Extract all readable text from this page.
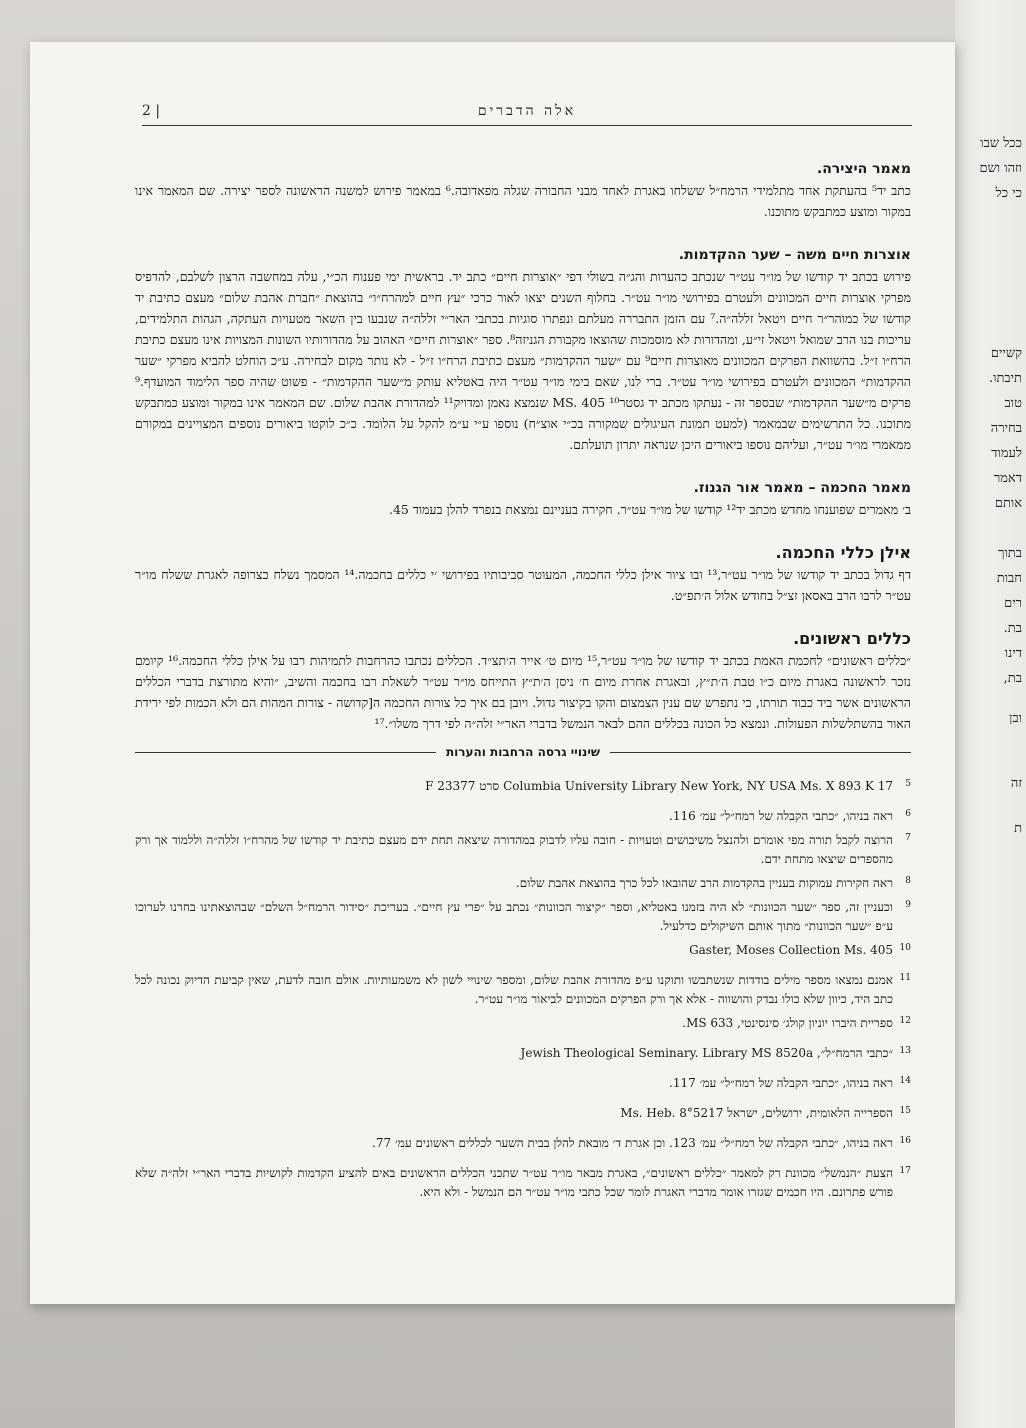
ככל שבו
וזהו ושם
כי כל
קשיים
תיבתו.
טוב
בחירה
לעמוד
דאמר
אותם
בתוך
חבות
רים
בת.
דינו
בת,
ובן
זה
ת
2 |	אלה הדברים
מאמר היצירה.

כתב יד⁵ בהעתקת אחד מתלמידי הרמח״ל ששלחו באגרת לאחד מבני החבורה שגלה מפאדובה.⁶ במאמר פירוש למשנה הראשונה לספר יצירה. שם המאמר אינו במקור ומוצע כמתבקש מתוכנו.

אוצרות חיים משה – שער ההקדמות.

פירוש בכתב יד קודשו של מו״ר עט״ר שנכתב כהערות והג״ה בשולי דפי ״אוצרות חיים״ כתב יד. בראשית ימי פענוח הכ״י, עלה במחשבה הרצון לשלבם, להדפיס מפרקי אוצרות חיים המכוונים ולעטרם בפירושי מו״ר עט״ר. בחלוף השנים יצאו לאור כרכי ״עץ חיים למהרח״ו״ בהוצאת ״חברת אהבת שלום״ מעצם כתיבת יד קודשו של כמוהר״ר חיים ויטאל זללה״ה.⁷ עם הזמן התבררה מעלתם ונפתרו סוגיות בכתבי האר״י זללה״ה שנבעו בין השאר מטעויות העתקה, הגהות התלמידים, עריכות בנו הרב שמואל ויטאל זי״ע, ומהדורות לא מוסמכות שהוצאו מקבורת הגניזה⁸. ספר ״אוצרות חיים״ האהוב על מהדורותיו השונות המצויות אינו מעצם כתיבת הרח״ו ז״ל. בהשוואת הפרקים המכוונים מאוצרות חיים⁹ עם ״שער ההקדמות״ מעצם כתיבת הרח״ו ז״ל - לא נותר מקום לבחירה. ע״כ הוחלט להביא מפרקי ״שער ההקדמות״ המכוונים ולעטרם בפירושי מו״ר עט״ר. ברי לנו, שאם בימי מו״ר עט״ר היה באטליא עותק מ״שער ההקדמות״ - פשוט שהיה ספר הלימוד המועדף.⁹ פרקים מ״שער ההקדמות״ שבספר זה - נעתקו מכתב יד גסטר¹⁰ MS. 405 שנמצא נאמן ומדויק¹¹ למהדורת אהבת שלום. שם המאמר אינו במקור ומוצע כמתבקש מתוכנו. כל התרשימים שבמאמר (למעט תמונת העיגולים שמקורה בכ״י אוצ״ח) נוספו ע״י ע״מ להקל על הלומד. כ״כ לוקטו ביאורים נוספים המצויינים במקורם ממאמרי מו״ר עט״ר, ועליהם נוספו ביאורים היכן שנראה יתרון תועלתם.

מאמר החכמה – מאמר אור הגנוז.

ב׳ מאמרים שפוענחו מחדש מכתב יד¹² קודשו של מו״ר עט״ר. חקירה בעניינם נמצאת בנפרד להלן בעמוד 45.

אילן כללי החכמה.

דף גדול בכתב יד קודשו של מו״ר עט״ר,¹³ ובו ציור אילן כללי החכמה, המעוטר סביבותיו בפירושי ׳י כללים בחכמה.¹⁴ המסמך נשלח כצרופה לאגרת ששלח מו״ר עט״ר לרבו הרב באסאן זצ״ל בחודש אלול ה׳תפ״ט.

כללים ראשונים.

״כללים ראשונים״ לחכמת האמת בכתב יד קודשו של מו״ר עט״ר,¹⁵ מיום ט׳ אייר ה׳תצ״ד. הכללים נכתבו כהרחבות לתמיהות רבו על אילן כללי החכמה.¹⁶ קיומם נזכר לראשונה באגרת מיום כ״ו טבת ה׳ת״ץ, ובאגרת אחרת מיום ח׳ ניסן ה׳ת״ץ התייחס מו״ר עט״ר לשאלת רבו בחכמה והשיב, ״והיא מתורצת בדברי הכללים הראשונים אשר ביד כבוד תורתו, כי נתפרש שם ענין הצמצום והקו בקיצור גדול. ויובן בם איך כל צורות החכמה ה[קדושה - צורות המהות הם ולא הכמות לפי ירידת האור בהשתלשלות הפעולות. ונמצא כל הכונה בכללים ההם לבאר הנמשל בדברי האר״י זלה״ה לפי דרך משלו״.¹⁷

שינויי גרסה הרחבות והערות
5
Columbia University Library New York, NY USA Ms. X 893 K 17 סרט F 23377
6
ראה בניהו, ״כתבי הקבלה של רמח״ל״ עמ׳ 116.
7
הרוצה לקבל תורה מפי אומרם ולהנצל משיבושים וטעויות - חובה עליו לדבוק במהדורה שיצאה תחת ידם מעצם כתיבת יד קודשו של מהרח״ו זללה״ה וללמוד אך ורק מהספרים שיצאו מתחת ידם.
8
ראה חקירות עמוקות בעניין בהקדמות הרב שהובאו לכל כרך בהוצאת אהבת שלום.
9
וכעניין זה, ספר ״שער הכוונות״ לא היה בזמנו באטליא, וספר ״קיצור הכוונות״ נכתב על ״פרי עץ חיים״. בעריכת ״סידור הרמח״ל השלם״ שבהוצאתינו בחרנו לערוכו ע״פ ״שער הכוונות״ מתוך אותם השיקולים כדלעיל.
10
Gaster, Moses Collection Ms. 405
11
אמנם נמצאו מספר מילים בודדות שנשתבשו ותוקנו ע״פ מהדורת אהבת שלום, ומספר שינויי לשון לא משמעותיות. אולם חובה לדעת, שאין קביעת הדיוק נכונה לכל כתב היד, כיוון שלא כולו נבדק והושווה - אלא אך ורק הפרקים המכוונים לביאור מו״ר עט״ר.
12
ספריית היברו יוניון קולג׳ סינסינטי, MS 633.
13
״כתבי הרמח״ל״, Jewish Theological Seminary. Library MS 8520a
14
ראה בניהו, ״כתבי הקבלה של רמח״ל״ עמ׳ 117.
15
הספרייה הלאומית, ירושלים, ישראל Ms. Heb. 8°5217
16
ראה בניהו, ״כתבי הקבלה של רמח״ל״ עמ׳ 123. וכן אגרת ד׳ מובאת להלן בבית השער לכללים ראשונים עמ׳ 77.
17
הצעת ״הנמשל״ מכוונת רק למאמר ״כללים ראשונים״, באגרת מבאר מו״ר עט״ר שתכני הכללים הראשונים באים להציע הקדמות לקושיות בדברי האר״י זלה״ה שלא פורש פתרונם. היו חכמים שגזרו אומר מדברי האגרת לומר שכל כתבי מו״ר עט״ר הם הנמשל - ולא היא.
